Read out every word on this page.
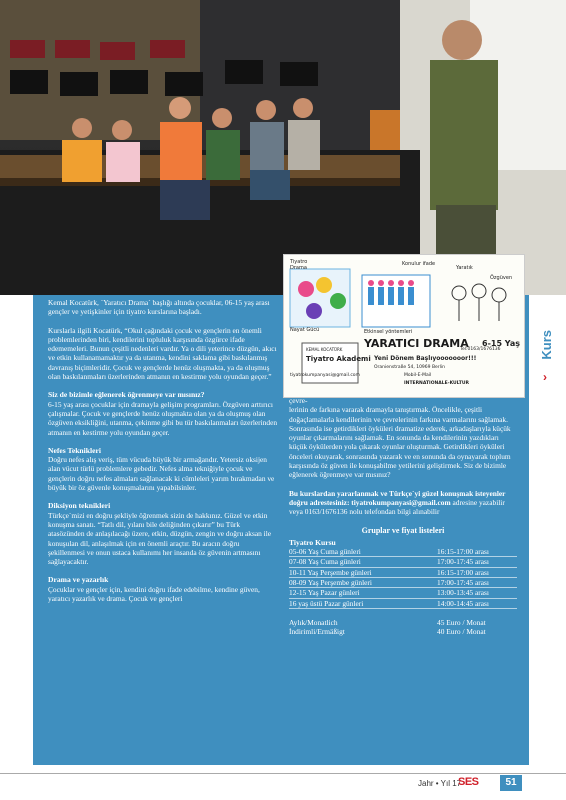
Tiyatro
Drama
Konulur ifade
Yaratık
Özgüven
Nayat Gücü	Etkinsel yöntemleri
YARATICI DRAMA 6-15 Yaş
KEMAL KOCATÜRK
Tiyatro Akademi Yeni Dönem Başlıyooooooor!!!
Oranienstraße 54, 10969 Berlin
Tel:0163/1676136
tiyatrokumpanyasi@gmail.com	Mobil-E-Mail
INTERNATIONALE-KULTUR

Kemal Kocatürk, `Yaratıcı Drama` başlığı altında çocuklar, 06-15 yaş arası gençler ve yetişkinler için tiyatro kurslarına başladı.

Kurslarla ilgili Kocatürk, “Okul çağındaki çocuk ve gençlerin en önemli problemlerinden biri, kendilerini topluluk karşısında özgürce ifade edememeleri. Bunun çeşitli nedenleri vardır. Ya o dili yeterince düzgün, akıcı ve etkin kullanamamaktır ya da utanma, kendini saklama gibi baskılanmış davranış biçimleridir. Çocuk ve gençlerde henüz oluşmakta, ya da oluşmuş olan baskılanmaları üzerlerinden atmanın en kestirme yolu oyundan geçer.”

Siz de bizimle eğlenerek öğrenmeye var mısınız?

6-15 yaş arası çocuklar için dramayla gelişim programları. Özgüven arttırıcı çalışmalar. Çocuk ve gençlerde henüz oluşmakta olan ya da oluşmuş olan özgüven eksikliğini, utanma, çekinme gibi bu tür baskılanmaları üzerlerinden atmanın en kestirme yolu oyundan geçer.

Nefes Teknikleri

Doğru nefes alış veriş, tüm vücuda büyük bir armağandır. Yetersiz oksijen alan vücut türlü problemlere gebedir. Nefes alma tekniğiyle çocuk ve gençlerin doğru nefes almaları sağlanacak ki cümleleri yarım bırakmadan ve büyük bir öz güvenle konuşmalarını yapabilsinler.

Diksiyon teknikleri

Türkçe`mizi en doğru şekliyle öğrenmek sizin de hakkınız. Güzel ve etkin konuşma sanatı. “Tatlı dil, yılanı bile deliğinden çıkarır” bu Türk atasözünden de anlaşılacağı üzere, etkin, düzgün, zengin ve doğru aksan ile konuşulan dil, anlaşılmak için en önemli araçtır. Bu aracın doğru şekillenmesi ve onun ustaca kullanımı her insanda öz güvenin artmasını sağlayacaktır.

Drama ve yazarlık

Çocuklar ve gençler için, kendini doğru ifade edebilme, kendine güven, yaratıcı yazarlık ve drama. Çocuk ve gençleri

çevre-
lerinin de farkına vararak dramayla tanıştırmak. Öncelikle, çeşitli doğaçlamalarla kendilerinin ve çevrelerinin farkına varmalarını sağlamak. Sonrasında ise getirdikleri öyküleri dramatize ederek, arkadaşlarıyla küçük oyunlar çıkarmalarını sağlamak. En sonunda da kendilerinin yazdıkları küçük öykülerden yola çıkarak oyunlar oluşturmak. Getirdikleri öyküleri önceleri okuyarak, sonrasında yazarak ve en sonunda da oynayarak toplum karşısında öz güven ile konuşabilme yetilerini geliştirmek. Siz de bizimle eğlenerek öğrenmeye var mısınız?

Bu kurslardan yararlanmak ve Türkçe`yi güzel konuşmak isteyenler doğru adrestesiniz: tiyatrokumpanyasi@gmail.com adresine yazabilir veya 0163/1676136 nolu telefondan bilgi alınabilir

Gruplar ve fiyat listeleri
Tiyatro Kursu
05-06 Yaş Cuma günleri	16:15-17:00 arası
07-08 Yaş Cuma günleri	17:00-17:45 arası
10-11 Yaş Perşembe günleri	16:15-17:00 arası
08-09 Yaş Perşembe günleri	17:00-17:45 arası
12-15 Yaş Pazar günleri	13:00-13:45 arası
16 yaş üstü Pazar günleri	14:00-14:45 arası
Aylık/Monatlich	45 Euro / Monat
İndirimli/Ermäßigt	40 Euro / Monat
Kurs
›
Jahr • Yıl 17
SES	51
